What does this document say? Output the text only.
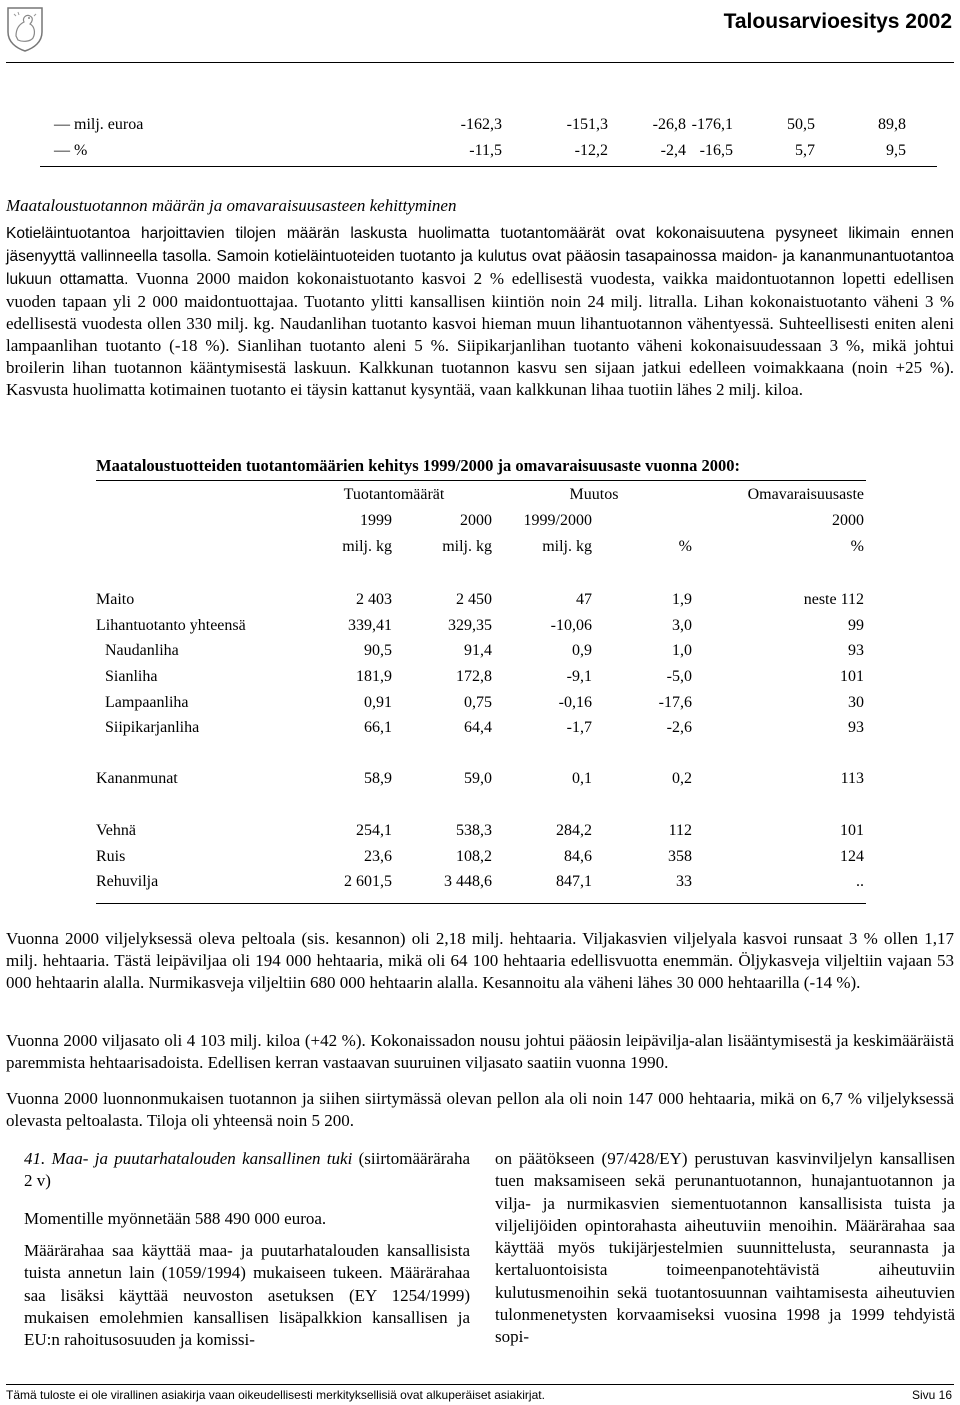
Talousarvioesitys 2002
— milj. euroa	-162,3	-151,3	-26,8 -176,1	50,5	89,8
— %	-11,5	-12,2	-2,4 -16,5	5,7	9,5
Maataloustuotannon määrän ja omavaraisuusasteen kehittyminen

Kotieläintuotantoa harjoittavien tilojen määrän laskusta huolimatta tuotantomäärät ovat kokonaisuutena pysyneet likimain ennen jäsenyyttä vallinneella tasolla. Samoin kotieläintuoteiden tuotanto ja kulutus ovat pääosin tasapainossa maidon- ja kananmunantuotantoa lukuun ottamatta. Vuonna 2000 maidon kokonaistuotanto kasvoi 2 % edellisestä vuodesta, vaikka maidontuotannon lopetti edellisen vuoden tapaan yli 2 000 maidontuottajaa. Tuotanto ylitti kansallisen kiintiön noin 24 milj. litralla. Lihan kokonaistuotanto väheni 3 % edellisestä vuodesta ollen 330 milj. kg. Naudanlihan tuotanto kasvoi hieman muun lihantuotannon vähentyessä. Suhteellisesti eniten aleni lampaanlihan tuotanto (-18 %). Sianlihan tuotanto aleni 5 %. Siipikarjanlihan tuotanto väheni kokonaisuudessaan 3 %, mikä johtui broilerin lihan tuotannon kääntymisestä laskuun. Kalkkunan tuotannon kasvu sen sijaan jatkui edelleen voimakkaana (noin +25 %). Kasvusta huolimatta kotimainen tuotanto ei täysin kattanut kysyntää, vaan kalkkunan lihaa tuotiin lähes 2 milj. kiloa.

Maataloustuotteiden tuotantomäärien kehitys 1999/2000 ja omavaraisuusaste vuonna 2000:
Tuotantomäärät	Muutos	Omavaraisuusaste
1999	2000	1999/2000	2000
milj. kg	milj. kg	milj. kg	%	%
Maito	2 403	2 450	47	1,9	neste 112
Lihantuotanto yhteensä	339,41	329,35	-10,06	3,0	99
Naudanliha	90,5	91,4	0,9	1,0	93
Sianliha	181,9	172,8	-9,1	-5,0	101
Lampaanliha	0,91	0,75	-0,16	-17,6	30
Siipikarjanliha	66,1	64,4	-1,7	-2,6	93
Kananmunat	58,9	59,0	0,1	0,2	113
Vehnä	254,1	538,3	284,2	112	101
Ruis	23,6	108,2	84,6	358	124
Rehuvilja	2 601,5	3 448,6	847,1	33	..
Vuonna 2000 viljelyksessä oleva peltoala (sis. kesannon) oli 2,18 milj. hehtaaria. Viljakasvien viljelyala kasvoi runsaat 3 % ollen 1,17 milj. hehtaaria. Tästä leipäviljaa oli 194 000 hehtaaria, mikä oli 64 100 hehtaaria edellisvuotta enemmän. Öljykasveja viljeltiin vajaan 53 000 hehtaarin alalla. Nurmikasveja viljeltiin 680 000 hehtaarin alalla. Kesannoitu ala väheni lähes 30 000 hehtaarilla (-14 %).
Vuonna 2000 viljasato oli 4 103 milj. kiloa (+42 %). Kokonaissadon nousu johtui pääosin leipävilja-alan lisääntymisestä ja keskimääräistä paremmista hehtaarisadoista. Edellisen kerran vastaavan suuruinen viljasato saatiin vuonna 1990.
Vuonna 2000 luonnonmukaisen tuotannon ja siihen siirtymässä olevan pellon ala oli noin 147 000 hehtaaria, mikä on 6,7 % viljelyksessä olevasta peltoalasta. Tiloja oli yhteensä noin 5 200.
41. Maa- ja puutarhatalouden kansallinen tuki (siirtomääräraha 2 v)
Momentille myönnetään 588 490 000 euroa.
Määrärahaa saa käyttää maa- ja puutarhatalouden kansallisista tuista annetun lain (1059/1994) mukaiseen tukeen. Määrärahaa saa lisäksi käyttää neuvoston asetuksen (EY 1254/1999) mukaisen emolehmien kansallisen lisäpalkkion kansallisen ja EU:n rahoitusosuuden ja komissi-
on päätökseen (97/428/EY) perustuvan kasvinviljelyn kansallisen tuen maksamiseen sekä perunantuotannon, hunajantuotannon ja vilja- ja nurmikasvien siementuotannon kansallisista tuista ja viljelijöiden opintorahasta aiheutuviin menoihin. Määrärahaa saa käyttää myös tukijärjestelmien suunnittelusta, seurannasta ja kertaluontoisista toimeenpanotehtävistä aiheutuviin kulutusmenoihin sekä tuotantosuunnan vaihtamisesta aiheutuvien tulonmenetysten korvaamiseksi vuosina 1998 ja 1999 tehdyistä sopi-
Tämä tuloste ei ole virallinen asiakirja vaan oikeudellisesti merkityksellisiä ovat alkuperäiset asiakirjat.	Sivu 16
